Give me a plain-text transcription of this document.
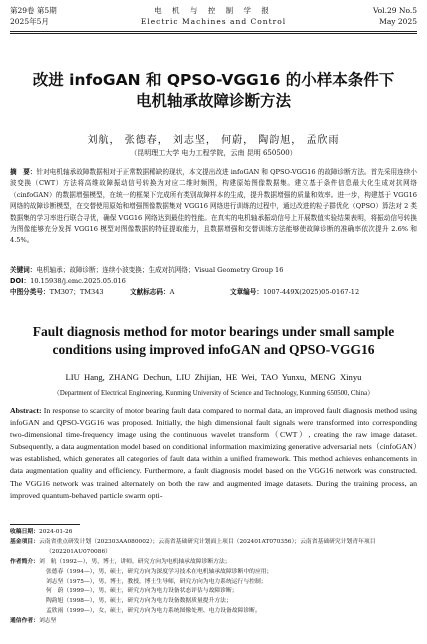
第29卷 第5期
2025年5月
电 机 与 控 制 学 报
Electric Machines and Control
Vol.29 No.5
May 2025
改进 infoGAN 和 QPSO-VGG16 的小样本条件下
电机轴承故障诊断方法
刘航， 张德春， 刘志坚， 何蔚， 陶韵旭， 孟欣雨
（昆明理工大学 电力工程学院，云南 昆明 650500）
摘　要：针对电机轴承故障数据相对于正常数据稀缺的现状，本文提出改进 infoGAN 和 QPSO-VGG16 的故障诊断方法。首先采用连续小波变换（CWT）方法将高维故障振动信号转换为对应二维时频图，构建原始图像数据集。建立基于条件信息最大化生成对抗网络（cinfoGAN）的数据增强模型，在统一的框架下完成所有类别故障样本的生成，提升数据增强的质量和效率。进一步，构建基于 VGG16 网络的故障诊断模型，在交替使用原始和增强图像数据集对 VGG16 网络进行训练的过程中，通过改进的粒子群优化（QPSO）算法对 2 类数据集的学习率进行联合寻优，确保 VGG16 网络达到最佳的性能。在真实的电机轴承振动信号上开展数值实验结果表明，将振动信号转换为图像能够充分发挥 VGG16 模型对图像数据的特征提取能力，且数据增强和交替训练方法能够使故障诊断的准确率依次提升 2.6% 和 4.5%。
关键词：电机轴承；故障诊断；连续小波变换；生成对抗网络；Visual Geometry Group 16
DOI：10.15938/j.emc.2025.05.016
中图分类号：TM307；TM343	文献标志码：A	文章编号：1007-449X(2025)05-0167-12
Fault diagnosis method for motor bearings under small sample
conditions using improved infoGAN and QPSO-VGG16
LIU Hang, ZHANG Dechun, LIU Zhijian, HE Wei, TAO Yunxu, MENG Xinyu
（Department of Electrical Engineering, Kunming University of Science and Technology, Kunming 650500, China）
Abstract: In response to scarcity of motor bearing fault data compared to normal data, an improved fault diagnosis method using infoGAN and QPSO-VGG16 was proposed. Initially, the high dimensional fault signals were transformed into corresponding two-dimensional time-frequency image using the continuous wavelet transform（CWT）, creating the raw image dataset. Subsequently, a data augmentation model based on conditional information maximizing generative adversarial nets（cinfoGAN）was established, which generates all categories of fault data within a unified framework. This method achieves enhancements in data augmentation quality and efficiency. Furthermore, a fault diagnosis model based on the VGG16 network was constructed. The VGG16 network was trained alternately on both the raw and augmented image datasets. During the training process, an improved quantum-behaved particle swarm opti-
收稿日期：2024-01-26
基金项目：云南省重点研发计划（202303AA080002）；云南省基础研究计划面上项目（202401AT070356）；云南省基础研究计划青年项目
（202201AU070086）
作者简介：刘　航（1992—），男，博士，讲师，研究方向为电机轴承故障诊断方法；
张德春（1994—），男，硕士，研究方向为深度学习技术在电机轴承故障诊断中的应用；
刘志坚（1975—），男，博士，教授，博士生导师，研究方向为电力系统运行与控制；
何　蔚（1999—），男，硕士，研究方向为电力设备状态评估与故障诊断；
陶韵旭（1998—），男，硕士，研究方向为电力设备数据质量提升方法；
孟欣雨（1999—），女，硕士，研究方向为电力系统图像处理、电力设备故障诊断。
通信作者：刘志坚
